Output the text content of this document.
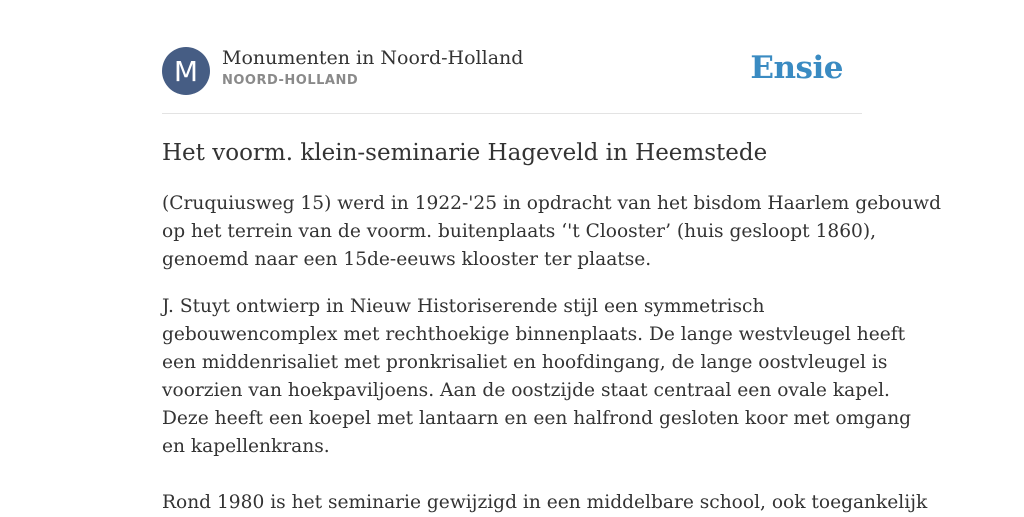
M	Monumenten in Noord-Holland
NOORD-HOLLAND	Ensie
Het voorm. klein-seminarie Hageveld in Heemstede
(Cruquiusweg 15) werd in 1922-'25 in opdracht van het bisdom Haarlem gebouwd
op het terrein van de voorm. buitenplaats ‘'t Clooster’ (huis gesloopt 1860),
genoemd naar een 15de-eeuws klooster ter plaatse.
J. Stuyt ontwierp in Nieuw Historiserende stijl een symmetrisch
gebouwencomplex met rechthoekige binnenplaats. De lange westvleugel heeft
een middenrisaliet met pronkrisaliet en hoofdingang, de lange oostvleugel is
voorzien van hoekpaviljoens. Aan de oostzijde staat centraal een ovale kapel.
Deze heeft een koepel met lantaarn en een halfrond gesloten koor met omgang
en kapellenkrans.
Rond 1980 is het seminarie gewijzigd in een middelbare school, ook toegankelijk
